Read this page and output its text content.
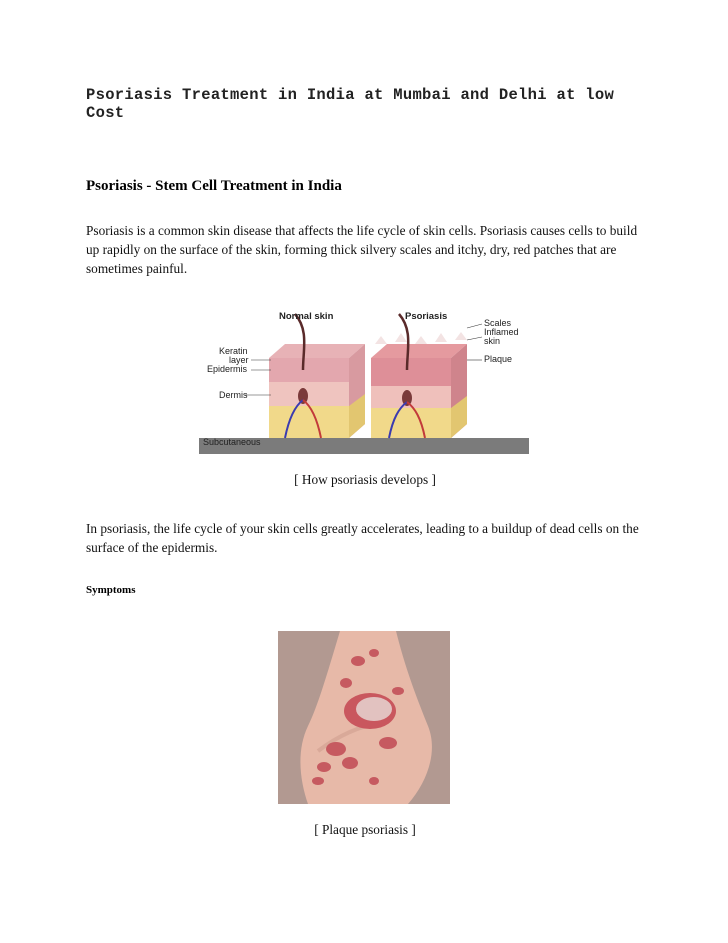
Psoriasis Treatment in India at Mumbai and Delhi at low Cost
Psoriasis - Stem Cell Treatment in India

Psoriasis is a common skin disease that affects the life cycle of skin cells. Psoriasis causes cells to build up rapidly on the surface of the skin, forming thick silvery scales and itchy, dry, red patches that are sometimes painful.

Normal skin	Psoriasis
Keratin
layer
Epidermis
Dermis
Subcutaneous
Scales
Inflamed
skin
Plaque

[ How psoriasis develops ]

In psoriasis, the life cycle of your skin cells greatly accelerates, leading to a buildup of dead cells on the surface of the epidermis.

Symptoms

[ Plaque psoriasis ]
